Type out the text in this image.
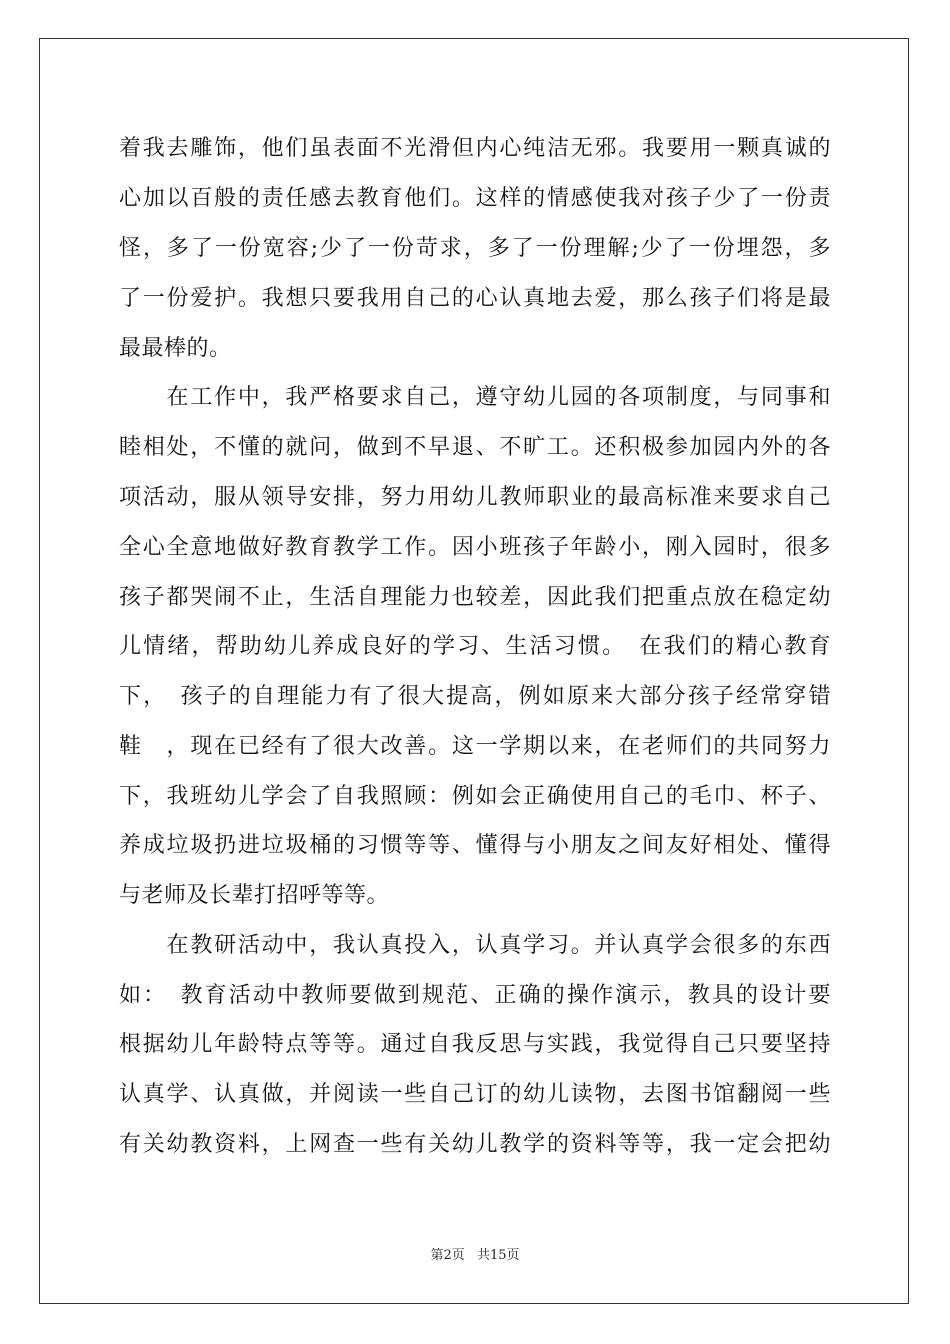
着我去雕饰，他们虽表面不光滑但内心纯洁无邪。我要用一颗真诚的
心加以百般的责任感去教育他们。这样的情感使我对孩子少了一份责
怪，多了一份宽容;少了一份苛求，多了一份理解;少了一份埋怨，多
了一份爱护。我想只要我用自己的心认真地去爱，那么孩子们将是最
最最棒的。
　　在工作中，我严格要求自己，遵守幼儿园的各项制度，与同事和
睦相处，不懂的就问，做到不早退、不旷工。还积极参加园内外的各
项活动，服从领导安排，努力用幼儿教师职业的最高标准来要求自己
全心全意地做好教育教学工作。因小班孩子年龄小，刚入园时，很多
孩子都哭闹不止，生活自理能力也较差，因此我们把重点放在稳定幼
儿情绪，帮助幼儿养成良好的学习、生活习惯。　在我们的精心教育
下，　孩子的自理能力有了很大提高，例如原来大部分孩子经常穿错
鞋　，现在已经有了很大改善。这一学期以来，在老师们的共同努力
下，我班幼儿学会了自我照顾：例如会正确使用自己的毛巾、杯子、
养成垃圾扔进垃圾桶的习惯等等、懂得与小朋友之间友好相处、懂得
与老师及长辈打招呼等等。
　　在教研活动中，我认真投入，认真学习。并认真学会很多的东西
如：　教育活动中教师要做到规范、正确的操作演示，教具的设计要
根据幼儿年龄特点等等。通过自我反思与实践，我觉得自己只要坚持
认真学、认真做，并阅读一些自己订的幼儿读物，去图书馆翻阅一些
有关幼教资料，上网查一些有关幼儿教学的资料等等，我一定会把幼
第2页 共15页
